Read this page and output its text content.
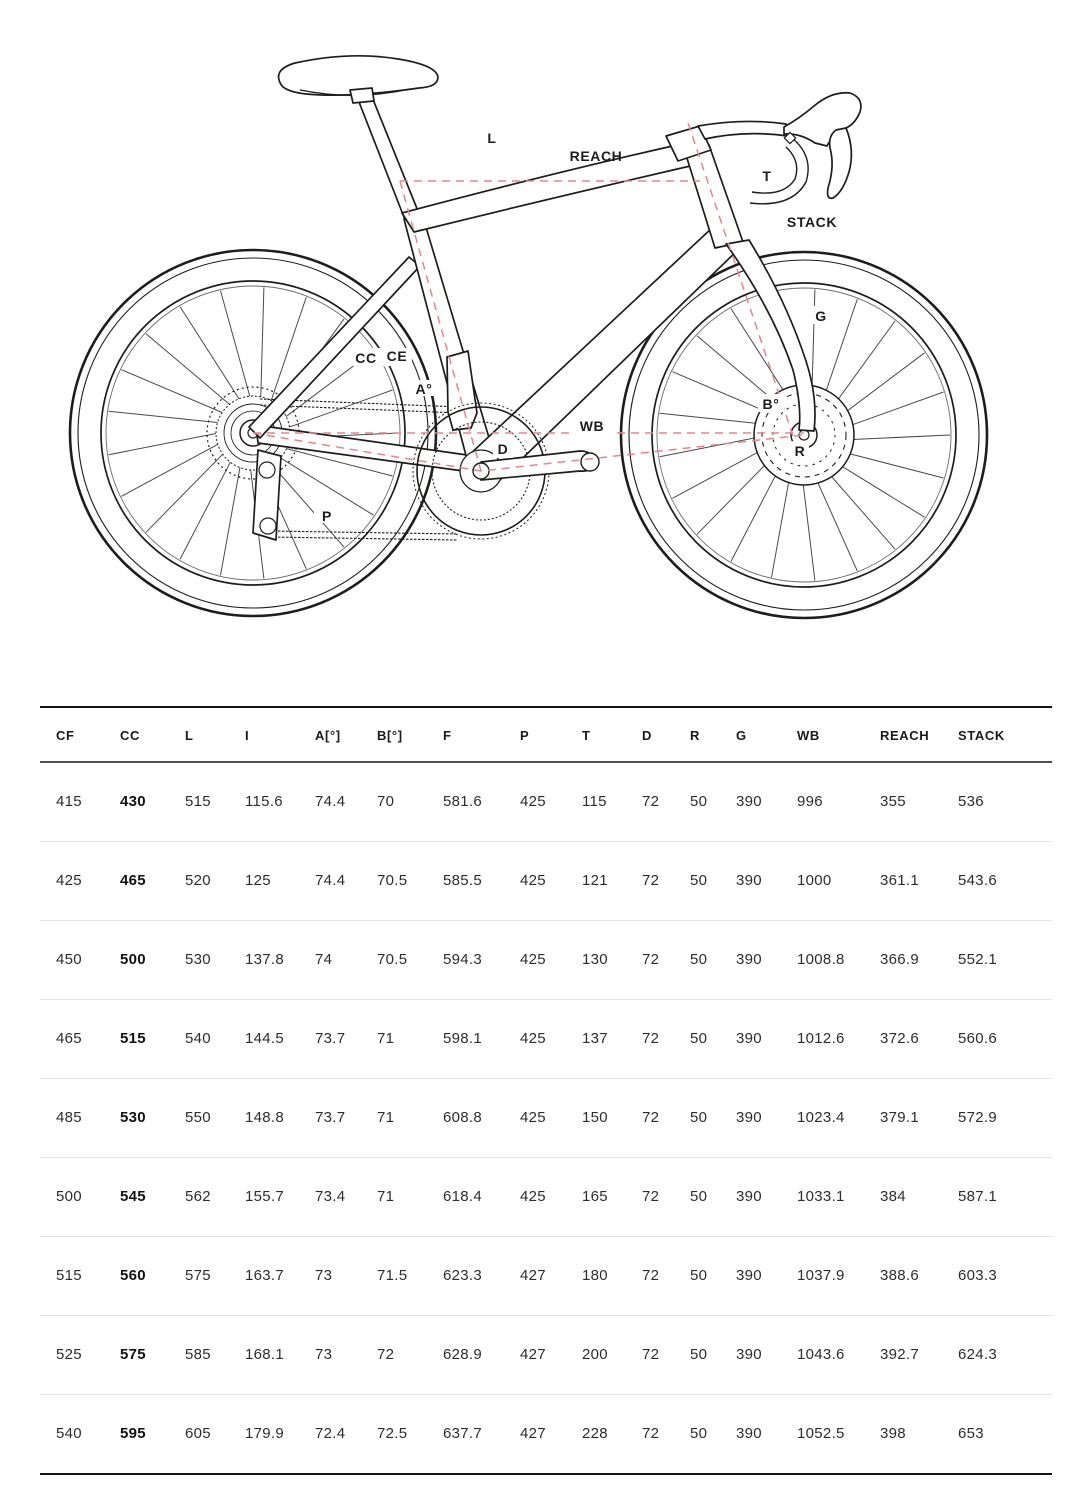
L
REACH
T
STACK
G
CC CE
A°
D
WB
P
B°
R
CF	CC	L	I	A[°]	B[°]	F	P	T	D	R	G	WB	REACH	STACK
415	430	515	115.6	74.4	70	581.6	425	115	72	50	390	996	355	536
425	465	520	125	74.4	70.5	585.5	425	121	72	50	390	1000	361.1	543.6
450	500	530	137.8	74	70.5	594.3	425	130	72	50	390	1008.8	366.9	552.1
465	515	540	144.5	73.7	71	598.1	425	137	72	50	390	1012.6	372.6	560.6
485	530	550	148.8	73.7	71	608.8	425	150	72	50	390	1023.4	379.1	572.9
500	545	562	155.7	73.4	71	618.4	425	165	72	50	390	1033.1	384	587.1
515	560	575	163.7	73	71.5	623.3	427	180	72	50	390	1037.9	388.6	603.3
525	575	585	168.1	73	72	628.9	427	200	72	50	390	1043.6	392.7	624.3
540	595	605	179.9	72.4	72.5	637.7	427	228	72	50	390	1052.5	398	653
